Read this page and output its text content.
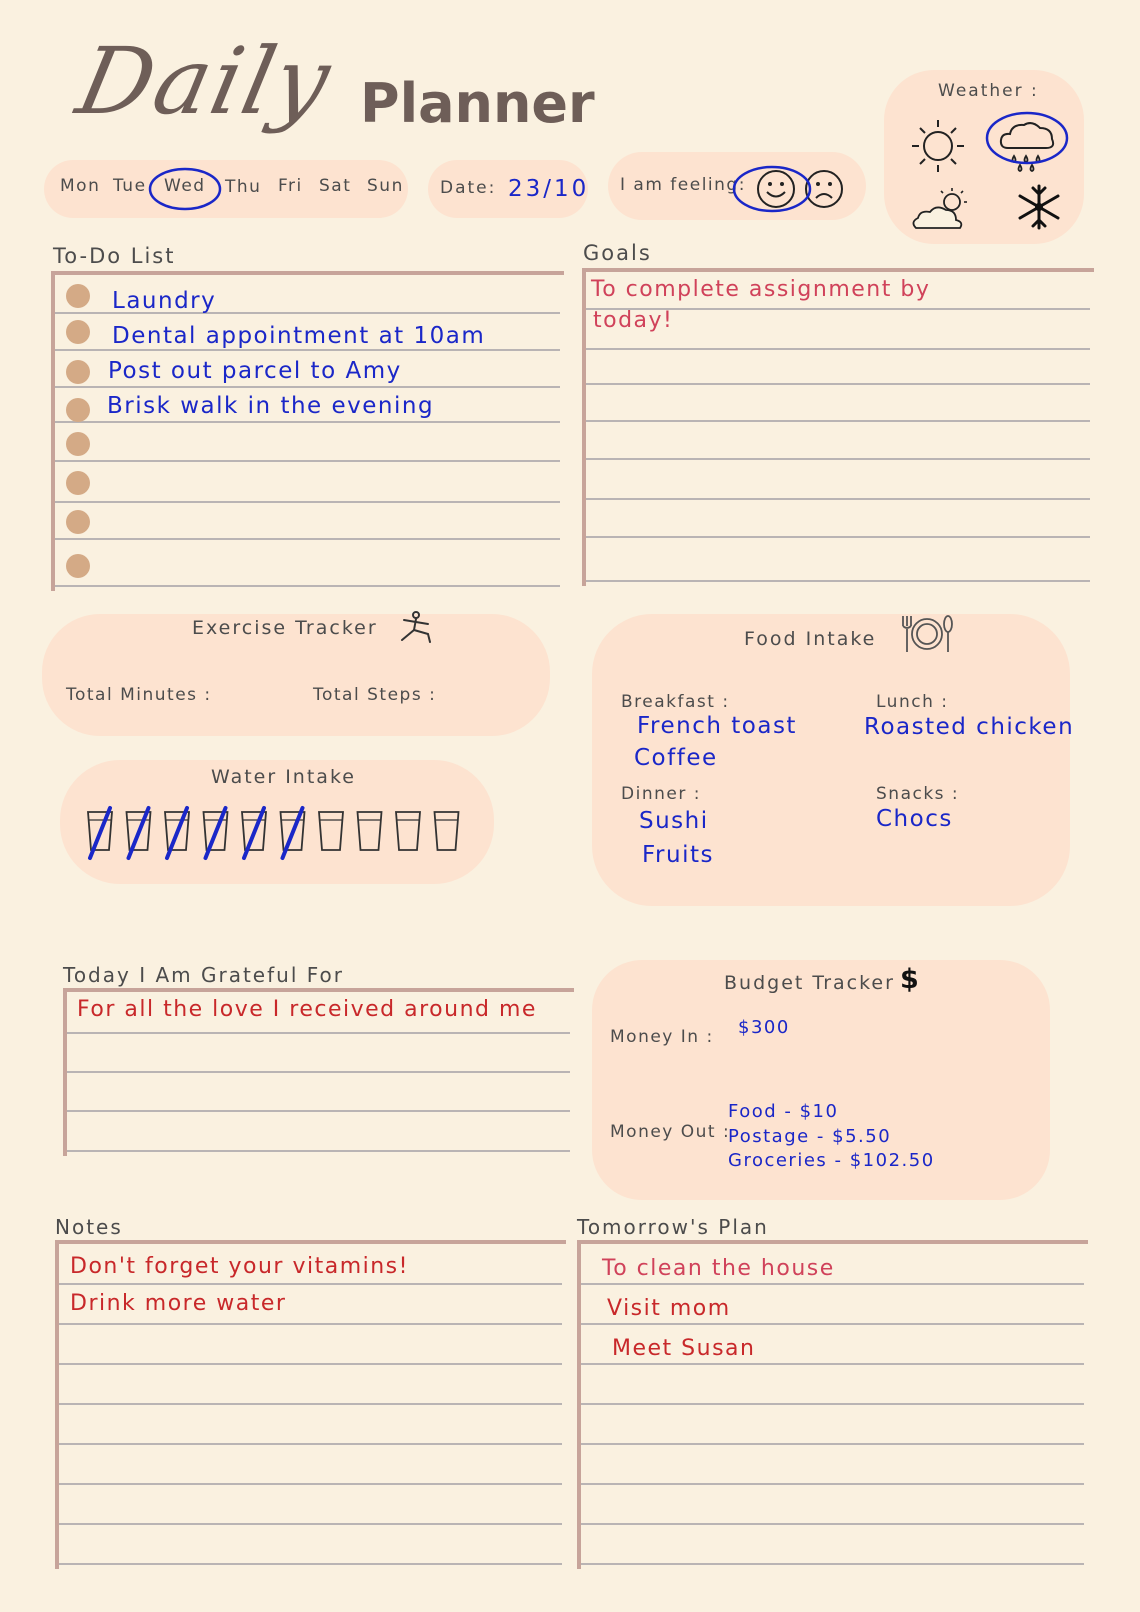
Daily Planner
Mon Tue Wed Thu Fri Sat Sun Date: 23/10 I am feeling:
Weather :
To-Do List
Laundry
Dental appointment at 10am
Post out parcel to Amy
Brisk walk in the evening
Goals
To complete assignment by
today!
Exercise Tracker
Total Minutes :	Total Steps :
Water Intake
Food Intake
Breakfast :
French toast
Coffee
Lunch :
Roasted chicken
Dinner :
Sushi
Fruits
Snacks :
Chocs
Today I Am Grateful For
For all the love I received around me
Budget Tracker $
Money In : $300
Money Out :
Food - $10
Postage - $5.50
Groceries - $102.50
Notes
Don't forget your vitamins!
Drink more water
Tomorrow's Plan
To clean the house
Visit mom
Meet Susan
